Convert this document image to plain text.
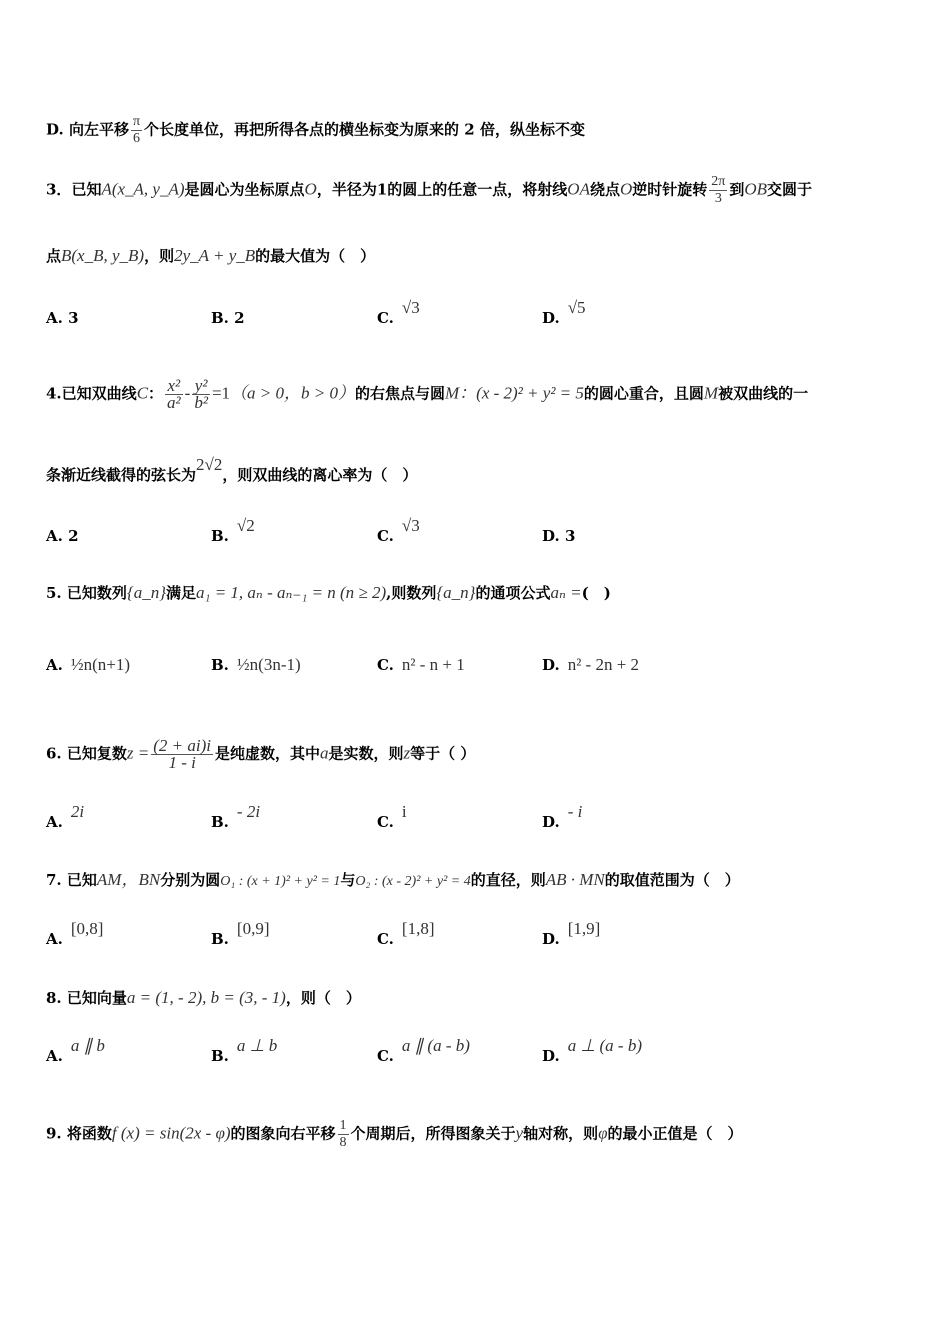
D. 向左平移 $\frac{\pi}{6}$ 个长度单位，再把所得各点的横坐标变为原来的 2 倍，纵坐标不变
3．已知A(x_A, y_A)是圆心为坐标原点O，半径为1的圆上的任意一点，将射线OA绕点O逆时针旋转 $\frac{2\pi}{3}$ 到OB交圆于
点B(x_B, y_B)，则2y_A + y_B的最大值为（　）
A. 3	B. 2	C.√3
D.√5
4.已知双曲线C： $\frac{\text{x²}}{\text{a²}} - \frac{\text{y²}}{\text{b²}} =1(a > 0$，b > 0）的右焦点与圆M：(x - 2)² + y² = 5的圆心重合，且圆M被双曲线的一
条渐近线截得的弦长为2√2，则双曲线的离心率为（　）
A. 2	B.√2
C.√3
D. 3
5. 已知数列{a_n}满足a₁ = 1, aₙ - aₙ₋₁ = n (n ≥ 2),则数列{a_n}的通项公式aₙ =(　)
A. ½n(n+1)	B. ½n(3n-1)	C. n² - n + 1	D. n² - 2n + 2
6. 已知复数$z = \frac{(2 + ai)i}{1 - i}$ 是纯虚数，其中a是实数，则z等于（ ）
A.2i
B.- 2i
C.i
D.- i
7. 已知AM，BN分别为圆O₁ : (x + 1)² + y² = 1与O₂ : (x - 2)² + y² = 4的直径，则AB · MN的取值范围为（　）
A.[0,8]
B.[0,9]
C.[1,8]
D.[1,9]
8. 已知向量a = (1, - 2), b = (3, - 1)，则（　）
A.a ∥ b
B.a ⊥ b
C.a ∥ (a - b)
D.a ⊥ (a - b)
9. 将函数f (x) = sin(2x - φ)的图象向右平移 $\frac{1}{8}$ 个周期后，所得图象关于y轴对称，则φ的最小正值是（　）
